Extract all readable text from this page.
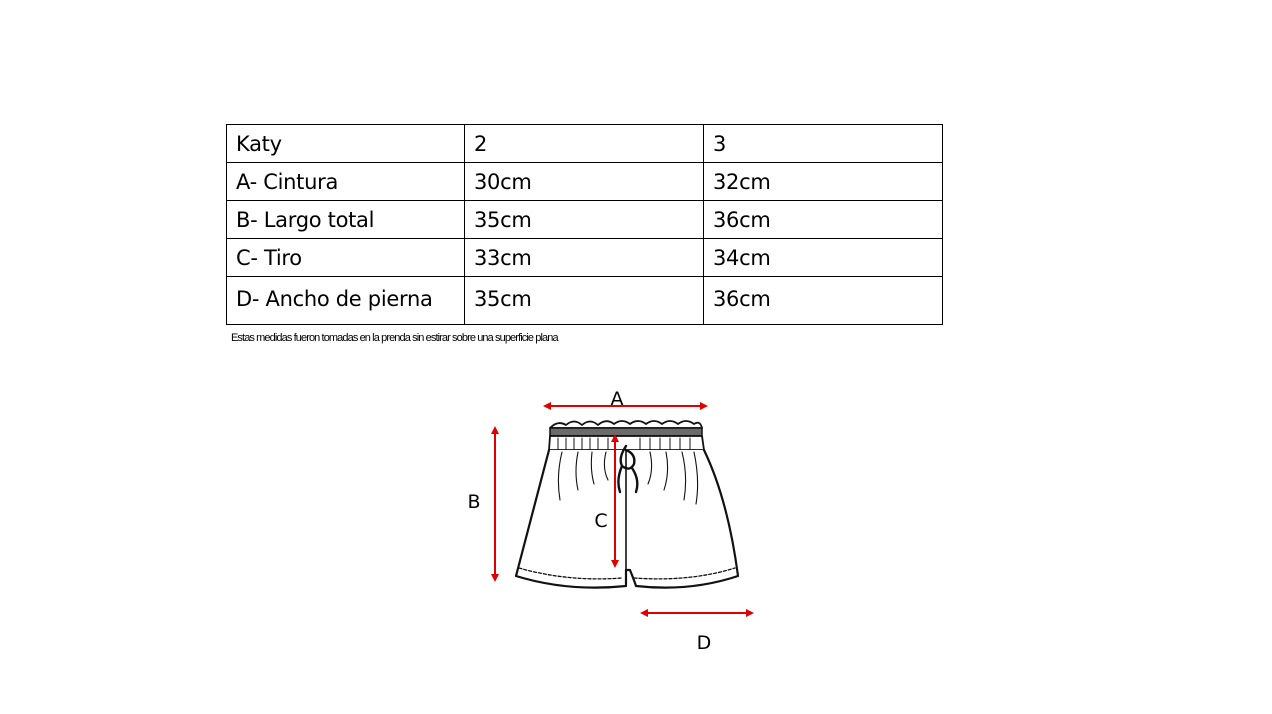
Katy	2	3
A- Cintura	30cm	32cm
B- Largo total	35cm	36cm
C- Tiro	33cm	34cm
D- Ancho de pierna	35cm	36cm
Estas medidas fueron tomadas en la prenda sin estirar sobre una superficie plana
A
B
C
D
